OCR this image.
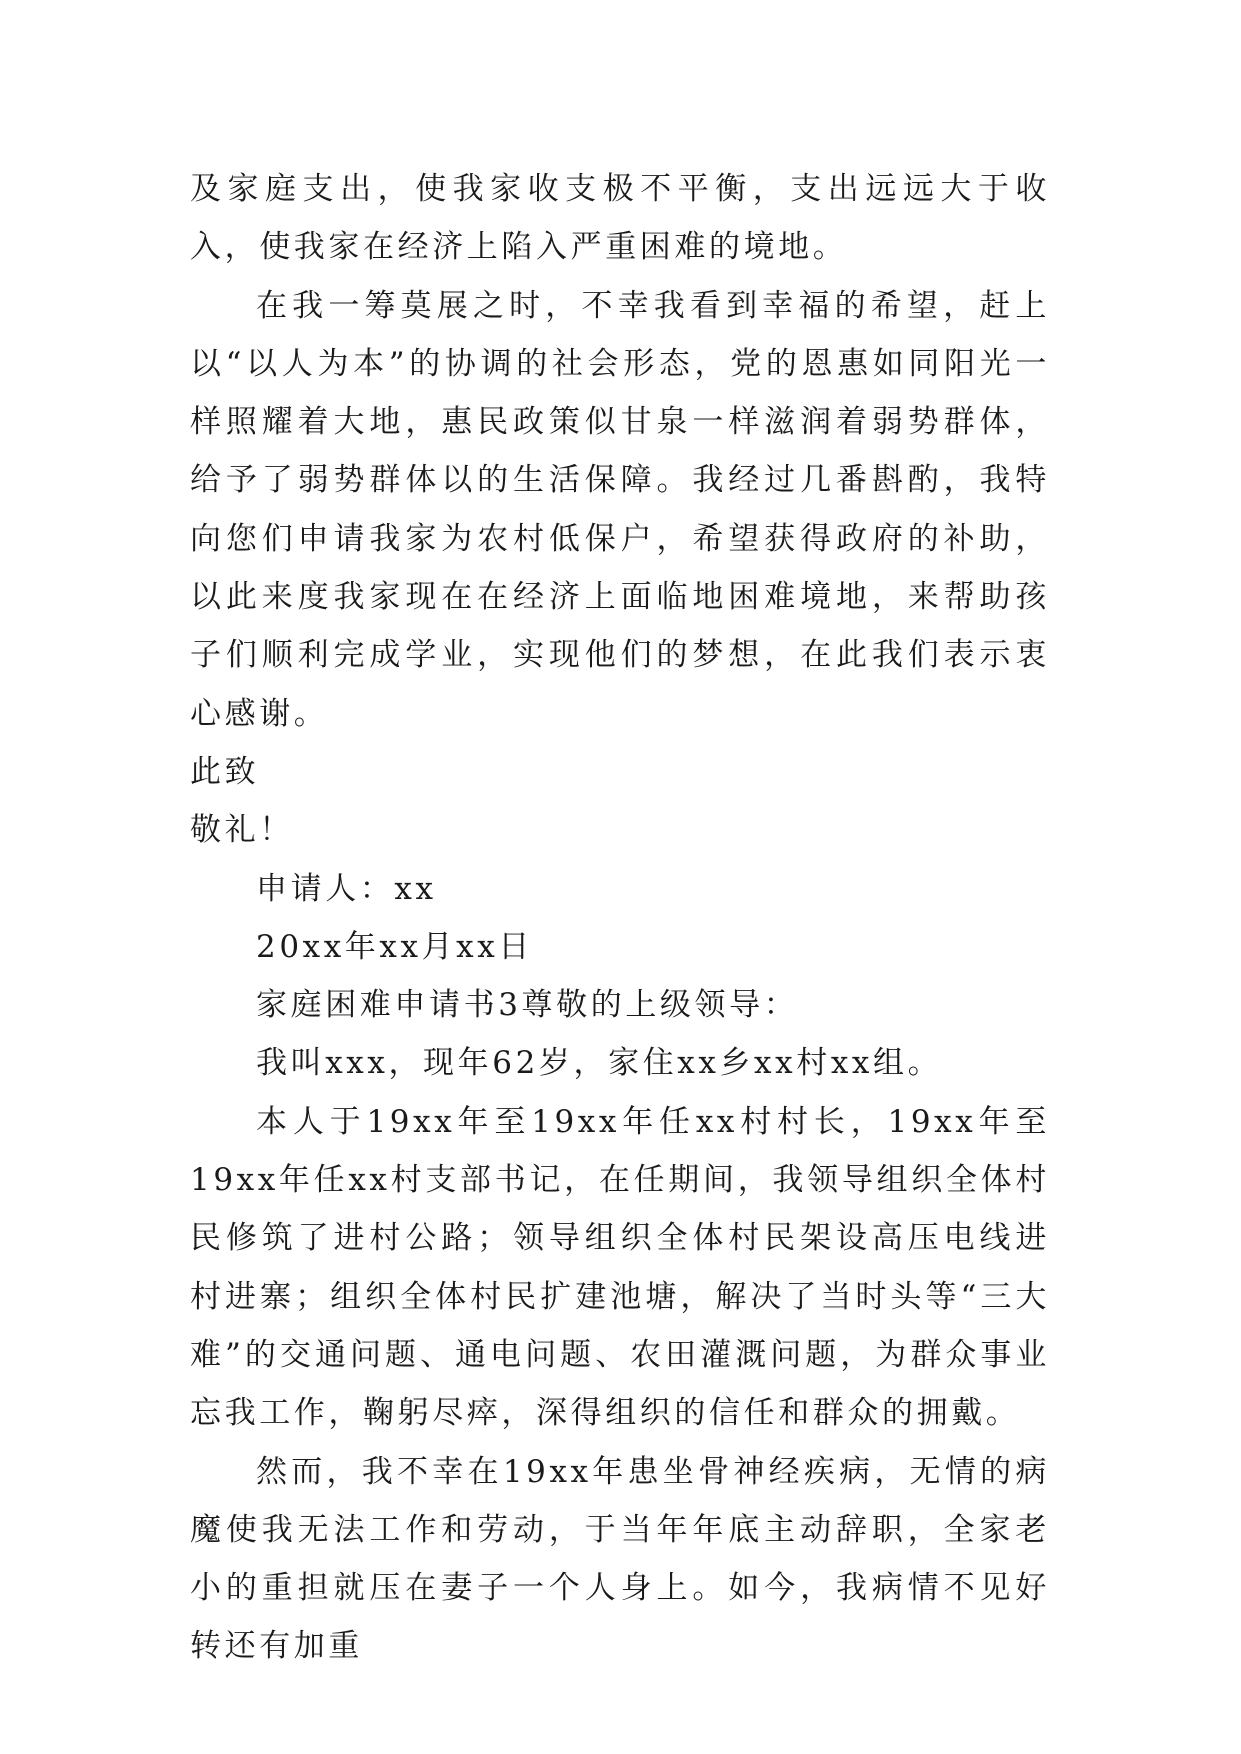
及家庭支出，使我家收支极不平衡，支出远远大于收入，使我家在经济上陷入严重困难的境地。

在我一筹莫展之时，不幸我看到幸福的希望，赶上以“以人为本”的协调的社会形态，党的恩惠如同阳光一样照耀着大地，惠民政策似甘泉一样滋润着弱势群体，给予了弱势群体以的生活保障。我经过几番斟酌，我特向您们申请我家为农村低保户，希望获得政府的补助，以此来度我家现在在经济上面临地困难境地，来帮助孩子们顺利完成学业，实现他们的梦想，在此我们表示衷心感谢。

此致

敬礼！

申请人：xx

20xx年xx月xx日

家庭困难申请书3尊敬的上级领导：

我叫xxx，现年62岁，家住xx乡xx村xx组。

本人于19xx年至19xx年任xx村村长，19xx年至19xx年任xx村支部书记，在任期间，我领导组织全体村民修筑了进村公路；领导组织全体村民架设高压电线进村进寨；组织全体村民扩建池塘，解决了当时头等“三大难”的交通问题、通电问题、农田灌溉问题，为群众事业忘我工作，鞠躬尽瘁，深得组织的信任和群众的拥戴。

然而，我不幸在19xx年患坐骨神经疾病，无情的病魔使我无法工作和劳动，于当年年底主动辞职，全家老小的重担就压在妻子一个人身上。如今，我病情不见好转还有加重
